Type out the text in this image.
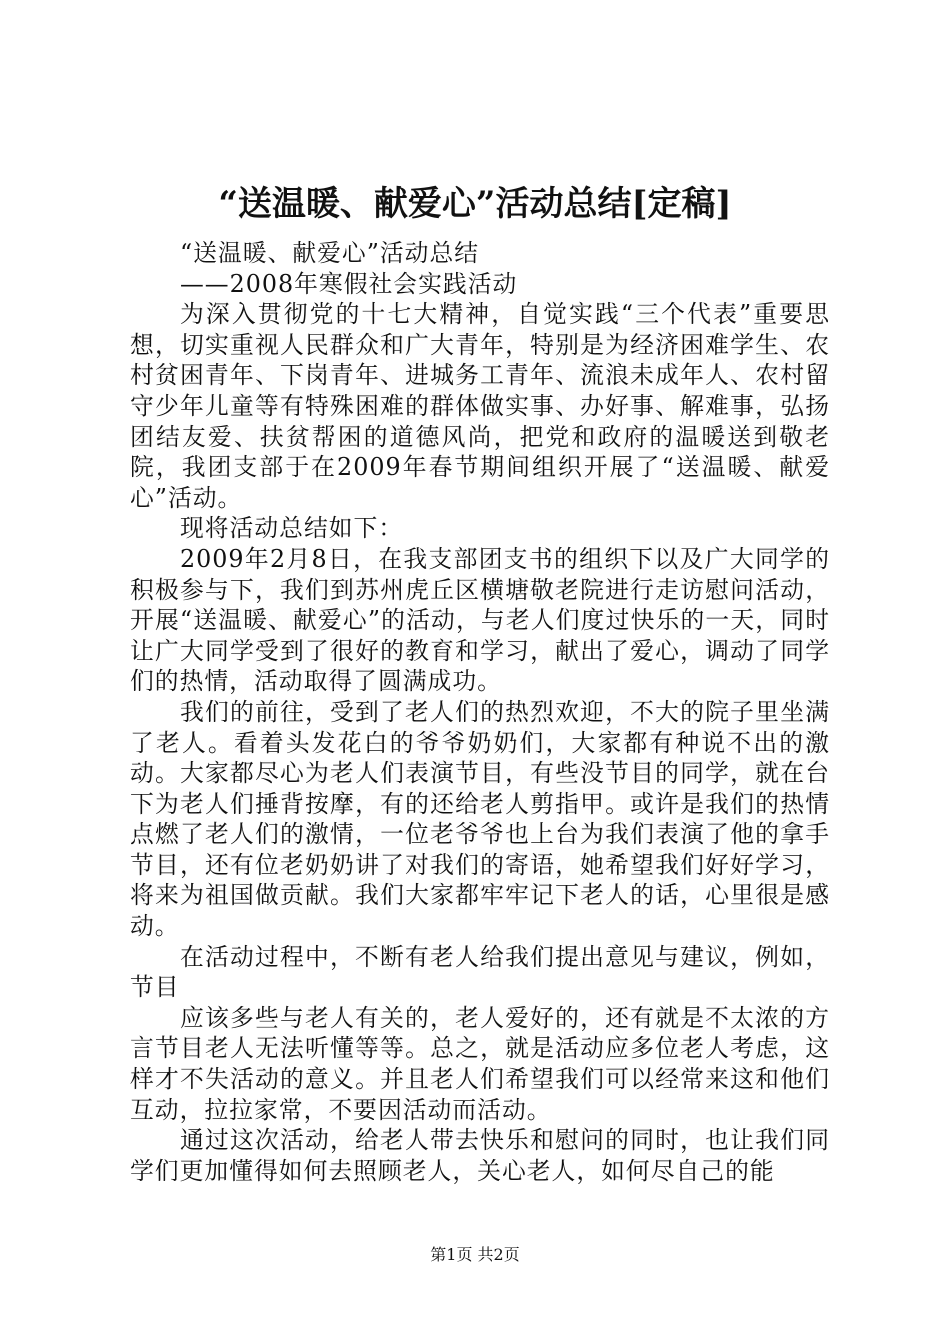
“送温暖、献爱心”活动总结[定稿]

“送温暖、献爱心”活动总结

——2008年寒假社会实践活动

为深入贯彻党的十七大精神，自觉实践“三个代表”重要思想，切实重视人民群众和广大青年，特别是为经济困难学生、农村贫困青年、下岗青年、进城务工青年、流浪未成年人、农村留守少年儿童等有特殊困难的群体做实事、办好事、解难事，弘扬团结友爱、扶贫帮困的道德风尚，把党和政府的温暖送到敬老院，我团支部于在2009年春节期间组织开展了“送温暖、献爱心”活动。

现将活动总结如下：

2009年2月8日，在我支部团支书的组织下以及广大同学的积极参与下，我们到苏州虎丘区横塘敬老院进行走访慰问活动，开展“送温暖、献爱心”的活动，与老人们度过快乐的一天，同时让广大同学受到了很好的教育和学习，献出了爱心，调动了同学们的热情，活动取得了圆满成功。

我们的前往，受到了老人们的热烈欢迎，不大的院子里坐满了老人。看着头发花白的爷爷奶奶们，大家都有种说不出的激动。大家都尽心为老人们表演节目，有些没节目的同学，就在台下为老人们捶背按摩，有的还给老人剪指甲。或许是我们的热情点燃了老人们的激情，一位老爷爷也上台为我们表演了他的拿手节目，还有位老奶奶讲了对我们的寄语，她希望我们好好学习，将来为祖国做贡献。我们大家都牢牢记下老人的话，心里很是感动。

在活动过程中，不断有老人给我们提出意见与建议，例如，节目

应该多些与老人有关的，老人爱好的，还有就是不太浓的方言节目老人无法听懂等等。总之，就是活动应多位老人考虑，这样才不失活动的意义。并且老人们希望我们可以经常来这和他们互动，拉拉家常，不要因活动而活动。

通过这次活动，给老人带去快乐和慰问的同时，也让我们同学们更加懂得如何去照顾老人，关心老人，如何尽自己的能

第1页 共2页
